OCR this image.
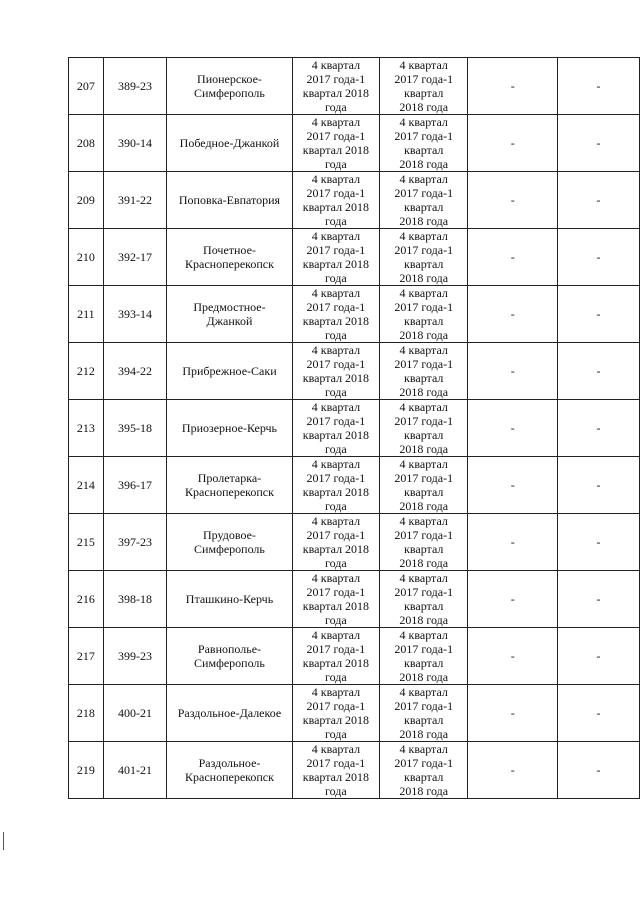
207	389-23	Пионерское-
Симферополь	4 квартал
2017 года-1
квартал 2018
года	4 квартал
2017 года-1
квартал
2018 года	-	-
208	390-14	Победное-Джанкой	4 квартал
2017 года-1
квартал 2018
года	4 квартал
2017 года-1
квартал
2018 года	-	-
209	391-22	Поповка-Евпатория	4 квартал
2017 года-1
квартал 2018
года	4 квартал
2017 года-1
квартал
2018 года	-	-
210	392-17	Почетное-
Красноперекопск	4 квартал
2017 года-1
квартал 2018
года	4 квартал
2017 года-1
квартал
2018 года	-	-
211	393-14	Предмостное-
Джанкой	4 квартал
2017 года-1
квартал 2018
года	4 квартал
2017 года-1
квартал
2018 года	-	-
212	394-22	Прибрежное-Саки	4 квартал
2017 года-1
квартал 2018
года	4 квартал
2017 года-1
квартал
2018 года	-	-
213	395-18	Приозерное-Керчь	4 квартал
2017 года-1
квартал 2018
года	4 квартал
2017 года-1
квартал
2018 года	-	-
214	396-17	Пролетарка-
Красноперекопск	4 квартал
2017 года-1
квартал 2018
года	4 квартал
2017 года-1
квартал
2018 года	-	-
215	397-23	Прудовое-
Симферополь	4 квартал
2017 года-1
квартал 2018
года	4 квартал
2017 года-1
квартал
2018 года	-	-
216	398-18	Пташкино-Керчь	4 квартал
2017 года-1
квартал 2018
года	4 квартал
2017 года-1
квартал
2018 года	-	-
217	399-23	Равнополье-
Симферополь	4 квартал
2017 года-1
квартал 2018
года	4 квартал
2017 года-1
квартал
2018 года	-	-
218	400-21	Раздольное-Далекое	4 квартал
2017 года-1
квартал 2018
года	4 квартал
2017 года-1
квартал
2018 года	-	-
219	401-21	Раздольное-
Красноперекопск	4 квартал
2017 года-1
квартал 2018
года	4 квартал
2017 года-1
квартал
2018 года	-	-
